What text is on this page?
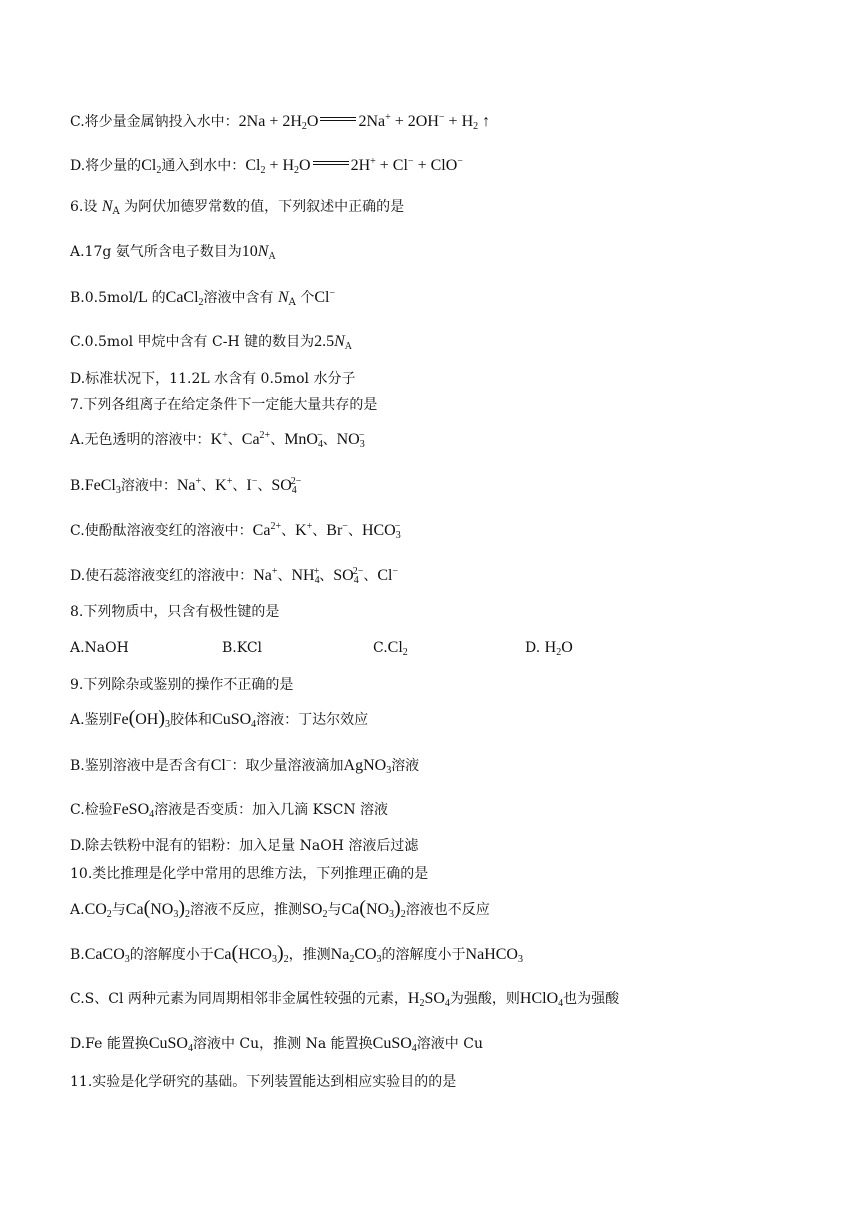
C.将少量金属钠投入水中：$2Na + 2H_2O$	$2Na^+ + 2OH^- + H_2$ ↑
D.将少量的$Cl_2$通入到水中：$Cl_2 + H_2O$	2H+ + Cl− + ClO−
6.设 $N_A$ 为阿伏加德罗常数的值，下列叙述中正确的是
A.17g 氨气所含电子数目为$10N_A$
B.0.5mol/L 的CaCl$_2$溶液中含有 $N_A$ 个Cl−
C.0.5mol 甲烷中含有 C-H 键的数目为$2.5N_A$
D.标准状况下，11.2L 水含有 0.5mol 水分子
7.下列各组离子在给定条件下一定能大量共存的是
A.无色透明的溶液中：K+、$Ca^{2+}$、MnO$_4$−、$NO_3^-$
B.FeCl$_3$溶液中：Na+、K+、I−、$SO_4^{2-}$
C.使酚酞溶液变红的溶液中：$Ca^{2+}$、K+、Br−、$HCO_3^-$
D.使石蕊溶液变红的溶液中：Na+、$NH_4^+$、$SO_4^{2-}$、Cl−
8.下列物质中，只含有极性键的是
A.NaOH	B.KCl	$C.Cl_2$	D. $H_2O$
9.下列除杂或鉴别的操作不正确的是
A.鉴别$Fe(OH)_3$胶体和CuSO$_4$溶液：丁达尔效应
B.鉴别溶液中是否含有Cl−：取少量溶液滴加AgNO$_3$溶液
C.检验FeSO$_4$溶液是否变质：加入几滴 KSCN 溶液
D.除去铁粉中混有的铝粉：加入足量 NaOH 溶液后过滤
10.类比推理是化学中常用的思维方法，下列推理正确的是
$A.CO_2$与$Ca(NO_3)_2$溶液不反应，推测$SO_2$与$Ca(NO_3)_2$溶液也不反应
B.CaCO$_3$的溶解度小于$Ca(HCO_3)_2$，推测$Na_2CO_3$的溶解度小于NaHCO$_3$
C.S、Cl 两种元素为同周期相邻非金属性较强的元素，$H_2SO_4$为强酸，则HClO$_4$也为强酸
D.Fe 能置换CuSO$_4$溶液中 Cu，推测 Na 能置换CuSO$_4$溶液中 Cu
11.实验是化学研究的基础。下列装置能达到相应实验目的的是
